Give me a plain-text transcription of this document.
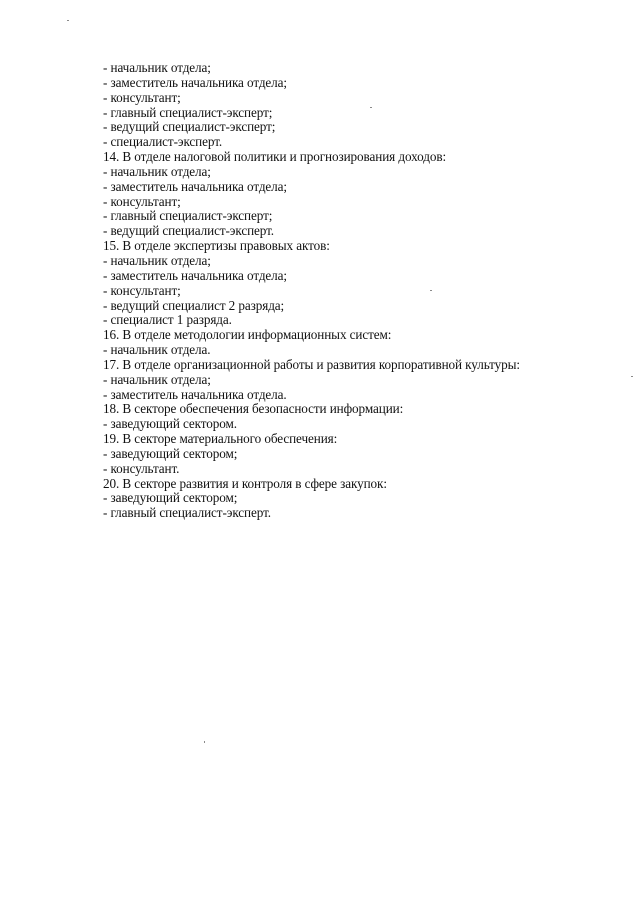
- начальник отдела;
- заместитель начальника отдела;
- консультант;
- главный специалист-эксперт;
- ведущий специалист-эксперт;
- специалист-эксперт.
14. В отделе налоговой политики и прогнозирования доходов:
- начальник отдела;
- заместитель начальника отдела;
- консультант;
- главный специалист-эксперт;
- ведущий специалист-эксперт.
15. В отделе экспертизы правовых актов:
- начальник отдела;
- заместитель начальника отдела;
- консультант;
- ведущий специалист 2 разряда;
- специалист 1 разряда.
16. В отделе методологии информационных систем:
- начальник отдела.
17. В отделе организационной работы и развития корпоративной культуры:
- начальник отдела;
- заместитель начальника отдела.
18. В секторе обеспечения безопасности информации:
- заведующий сектором.
19. В секторе материального обеспечения:
- заведующий сектором;
- консультант.
20. В секторе развития и контроля в сфере закупок:
- заведующий сектором;
- главный специалист-эксперт.
